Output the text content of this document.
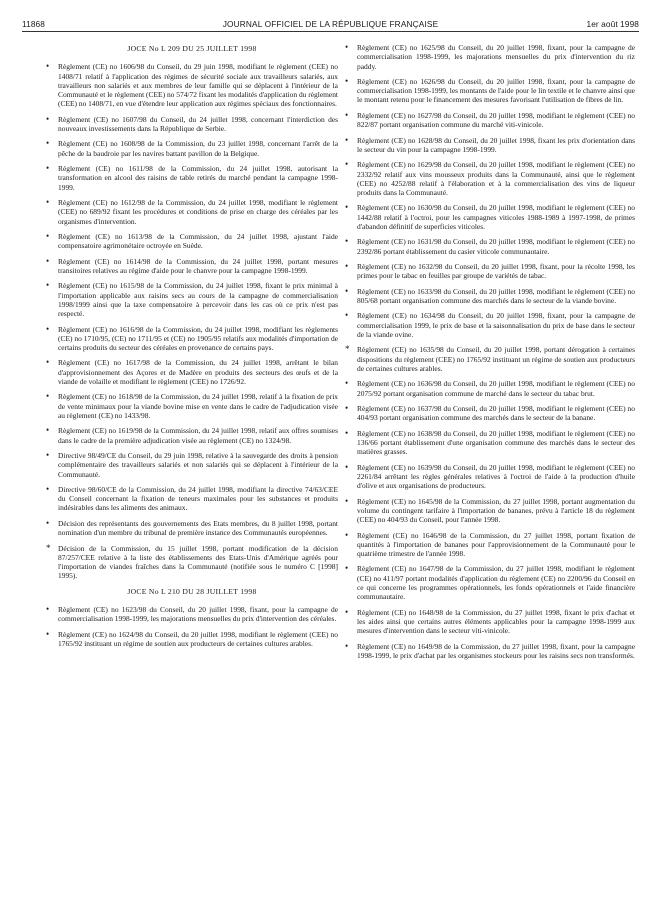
11868	JOURNAL OFFICIEL DE LA RÉPUBLIQUE FRANÇAISE	1er août 1998
JOCE No L 209 DU 25 JUILLET 1998
• Règlement (CE) no 1606/98 du Conseil, du 29 juin 1998, modifiant le règlement (CEE) no 1408/71 relatif à l'application des régimes de sécurité sociale aux travailleurs salariés, aux travailleurs non salariés et aux membres de leur famille qui se déplacent à l'intérieur de la Communauté et le règlement (CEE) no 574/72 fixant les modalités d'application du règlement (CEE) no 1408/71, en vue d'étendre leur application aux régimes spéciaux des fonctionnaires.
• Règlement (CE) no 1607/98 du Conseil, du 24 juillet 1998, concernant l'interdiction des nouveaux investissements dans la République de Serbie.
• Règlement (CE) no 1608/98 de la Commission, du 23 juillet 1998, concernant l'arrêt de la pêche de la baudroie par les navires battant pavillon de la Belgique.
• Règlement (CE) no 1611/98 de la Commission, du 24 juillet 1998, autorisant la transformation en alcool des raisins de table retirés du marché pendant la campagne 1998-1999.
• Règlement (CE) no 1612/98 de la Commission, du 24 juillet 1998, modifiant le règlement (CEE) no 689/92 fixant les procédures et conditions de prise en charge des céréales par les organismes d'intervention.
• Règlement (CE) no 1613/98 de la Commission, du 24 juillet 1998, ajustant l'aide compensatoire agrimonétaire octroyée en Suède.
• Règlement (CE) no 1614/98 de la Commission, du 24 juillet 1998, portant mesures transitoires relatives au régime d'aide pour le chanvre pour la campagne 1998-1999.
• Règlement (CE) no 1615/98 de la Commission, du 24 juillet 1998, fixant le prix minimal à l'importation applicable aux raisins secs au cours de la campagne de commercialisation 1998/1999 ainsi que la taxe compensatoire à percevoir dans les cas où ce prix n'est pas respecté.
• Règlement (CE) no 1616/98 de la Commission, du 24 juillet 1998, modifiant les règlements (CE) no 1710/95, (CE) no 1711/95 et (CE) no 1905/95 relatifs aux modalités d'importation de certains produits du secteur des céréales en provenance de certains pays.
• Règlement (CE) no 1617/98 de la Commission, du 24 juillet 1998, arrêtant le bilan d'approvisionnement des Açores et de Madère en produits des secteurs des œufs et de la viande de volaille et modifiant le règlement (CEE) no 1726/92.
• Règlement (CE) no 1618/98 de la Commission, du 24 juillet 1998, relatif à la fixation de prix de vente minimaux pour la viande bovine mise en vente dans le cadre de l'adjudication visée au règlement (CE) no 1433/98.
• Règlement (CE) no 1619/98 de la Commission, du 24 juillet 1998, relatif aux offres soumises dans le cadre de la première adjudication visée au règlement (CE) no 1324/98.
• Directive 98/49/CE du Conseil, du 29 juin 1998, relative à la sauvegarde des droits à pension complémentaire des travailleurs salariés et non salariés qui se déplacent à l'intérieur de la Communauté.
• Directive 98/60/CE de la Commission, du 24 juillet 1998, modifiant la directive 74/63/CEE du Conseil concernant la fixation de teneurs maximales pour les substances et produits indésirables dans les aliments des animaux.
• Décision des représentants des gouvernements des Etats membres, du 8 juillet 1998, portant nomination d'un membre du tribunal de première instance des Communautés européennes.
* Décision de la Commission, du 15 juillet 1998, portant modification de la décision 87/257/CEE relative à la liste des établissements des Etats-Unis d'Amérique agréés pour l'importation de viandes fraîches dans la Communauté (notifiée sous le numéro C [1998] 1995).
JOCE No L 210 DU 28 JUILLET 1998
• Règlement (CE) no 1623/98 du Conseil, du 20 juillet 1998, fixant, pour la campagne de commercialisation 1998-1999, les majorations mensuelles du prix d'intervention des céréales.
• Règlement (CE) no 1624/98 du Conseil, du 20 juillet 1998, modifiant le règlement (CEE) no 1765/92 instituant un régime de soutien aux producteurs de certaines cultures arables.
• Règlement (CE) no 1625/98 du Conseil, du 20 juillet 1998, fixant, pour la campagne de commercialisation 1998-1999, les majorations mensuelles du prix d'intervention du riz paddy.
• Règlement (CE) no 1626/98 du Conseil, du 20 juillet 1998, fixant, pour la campagne de commercialisation 1998-1999, les montants de l'aide pour le lin textile et le chanvre ainsi que le montant retenu pour le financement des mesures favorisant l'utilisation de fibres de lin.
• Règlement (CE) no 1627/98 du Conseil, du 20 juillet 1998, modifiant le règlement (CEE) no 822/87 portant organisation commune du marché viti-vinicole.
• Règlement (CE) no 1628/98 du Conseil, du 20 juillet 1998, fixant les prix d'orientation dans le secteur du vin pour la campagne 1998-1999.
• Règlement (CE) no 1629/98 du Conseil, du 20 juillet 1998, modifiant le règlement (CEE) no 2332/92 relatif aux vins mousseux produits dans la Communauté, ainsi que le règlement (CEE) no 4252/88 relatif à l'élaboration et à la commercialisation des vins de liqueur produits dans la Communauté.
• Règlement (CE) no 1630/98 du Conseil, du 20 juillet 1998, modifiant le règlement (CEE) no 1442/88 relatif à l'octroi, pour les campagnes viticoles 1988-1989 à 1997-1998, de primes d'abandon définitif de superficies viticoles.
• Règlement (CE) no 1631/98 du Conseil, du 20 juillet 1998, modifiant le règlement (CEE) no 2392/86 portant établissement du casier viticole communautaire.
• Règlement (CE) no 1632/98 du Conseil, du 20 juillet 1998, fixant, pour la récolte 1998, les primes pour le tabac en feuilles par groupe de variétés de tabac.
• Règlement (CE) no 1633/98 du Conseil, du 20 juillet 1998, modifiant le règlement (CEE) no 805/68 portant organisation commune des marchés dans le secteur de la viande bovine.
• Règlement (CE) no 1634/98 du Conseil, du 20 juillet 1998, fixant, pour la campagne de commercialisation 1999, le prix de base et la saisonnalisation du prix de base dans le secteur de la viande ovine.
* Règlement (CE) no 1635/98 du Conseil, du 20 juillet 1998, portant dérogation à certaines dispositions du règlement (CEE) no 1765/92 instituant un régime de soutien aux producteurs de certaines cultures arables.
• Règlement (CE) no 1636/98 du Conseil, du 20 juillet 1998, modifiant le règlement (CEE) no 2075/92 portant organisation commune de marché dans le secteur du tabac brut.
• Règlement (CE) no 1637/98 du Conseil, du 20 juillet 1998, modifiant le règlement (CEE) no 404/93 portant organisation commune des marchés dans le secteur de la banane.
• Règlement (CE) no 1638/98 du Conseil, du 20 juillet 1998, modifiant le règlement (CEE) no 136/66 portant établissement d'une organisation commune des marchés dans le secteur des matières grasses.
• Règlement (CE) no 1639/98 du Conseil, du 20 juillet 1998, modifiant le règlement (CEE) no 2261/84 arrêtant les règles générales relatives à l'octroi de l'aide à la production d'huile d'olive et aux organisations de producteurs.
• Règlement (CE) no 1645/98 de la Commission, du 27 juillet 1998, portant augmentation du volume du contingent tarifaire à l'importation de bananes, prévu à l'article 18 du règlement (CEE) no 404/93 du Conseil, pour l'année 1998.
• Règlement (CE) no 1646/98 de la Commission, du 27 juillet 1998, portant fixation de quantités à l'importation de bananes pour l'approvisionnement de la Communauté pour le quatrième trimestre de l'année 1998.
• Règlement (CE) no 1647/98 de la Commission, du 27 juillet 1998, modifiant le règlement (CE) no 411/97 portant modalités d'application du règlement (CE) no 2200/96 du Conseil en ce qui concerne les programmes opérationnels, les fonds opérationnels et l'aide financière communautaire.
• Règlement (CE) no 1648/98 de la Commission, du 27 juillet 1998, fixant le prix d'achat et les aides ainsi que certains autres éléments applicables pour la campagne 1998-1999 aux mesures d'intervention dans le secteur viti-vinicole.
• Règlement (CE) no 1649/98 de la Commission, du 27 juillet 1998, fixant, pour la campagne 1998-1999, le prix d'achat par les organismes stockeurs pour les raisins secs non transformés.
